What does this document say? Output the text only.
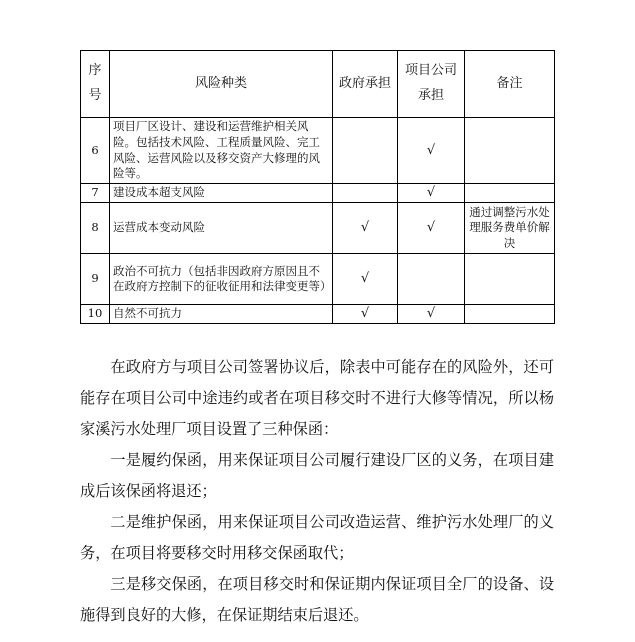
序号	风险种类	政府承担	项目公司承担	备注
6	项目厂区设计、建设和运营维护相关风险。包括技术风险、工程质量风险、完工风险、运营风险以及移交资产大修理的风险等。		√	
7	建设成本超支风险		√	
8	运营成本变动风险	√	√	通过调整污水处理服务费单价解决
9	政治不可抗力（包括非因政府方原因且不在政府方控制下的征收征用和法律变更等）	√		
10	自然不可抗力	√	√	

在政府方与项目公司签署协议后，除表中可能存在的风险外，还可能存在项目公司中途违约或者在项目移交时不进行大修等情况，所以杨家溪污水处理厂项目设置了三种保函：

一是履约保函，用来保证项目公司履行建设厂区的义务，在项目建成后该保函将退还；

二是维护保函，用来保证项目公司改造运营、维护污水处理厂的义务，在项目将要移交时用移交保函取代；

三是移交保函，在项目移交时和保证期内保证项目全厂的设备、设施得到良好的大修，在保证期结束后退还。
